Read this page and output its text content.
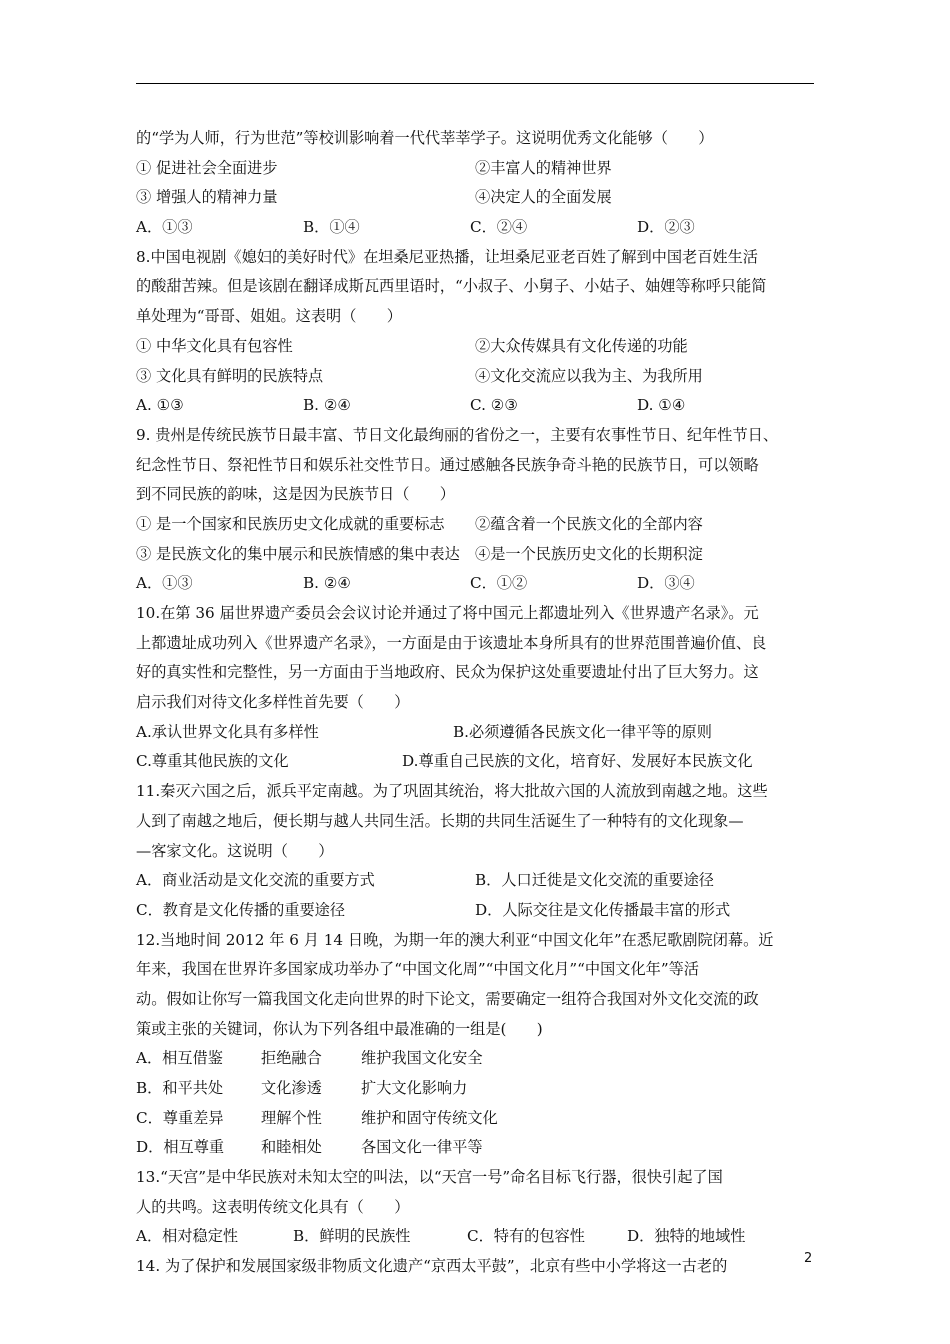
的“学为人师，行为世范”等校训影响着一代代莘莘学子。这说明优秀文化能够（　　）
① 促进社会全面进步	②丰富人的精神世界
③ 增强人的精神力量	④决定人的全面发展
A．①③	B．①④	C．②④	D．②③
8.中国电视剧《媳妇的美好时代》在坦桑尼亚热播，让坦桑尼亚老百姓了解到中国老百姓生活
的酸甜苦辣。但是该剧在翻译成斯瓦西里语时，“小叔子、小舅子、小姑子、妯娌等称呼只能简
单处理为“哥哥、姐姐。这表明（　　）
① 中华文化具有包容性	②大众传媒具有文化传递的功能
③ 文化具有鲜明的民族特点	④文化交流应以我为主、为我所用
A. ①③	B. ②④	C. ②③	D. ①④
9. 贵州是传统民族节日最丰富、节日文化最绚丽的省份之一，主要有农事性节日、纪年性节日、
纪念性节日、祭祀性节日和娱乐社交性节日。通过感触各民族争奇斗艳的民族节日，可以领略
到不同民族的韵味，这是因为民族节日（　　）
① 是一个国家和民族历史文化成就的重要标志	②蕴含着一个民族文化的全部内容
③ 是民族文化的集中展示和民族情感的集中表达	④是一个民族历史文化的长期积淀
A．①③	B. ②④	C．①②	D．③④
10.在第 36 届世界遗产委员会会议讨论并通过了将中国元上都遗址列入《世界遗产名录》。元
上都遗址成功列入《世界遗产名录》，一方面是由于该遗址本身所具有的世界范围普遍价值、良
好的真实性和完整性，另一方面由于当地政府、民众为保护这处重要遗址付出了巨大努力。这
启示我们对待文化多样性首先要（　　）
A.承认世界文化具有多样性	B.必须遵循各民族文化一律平等的原则
C.尊重其他民族的文化	D.尊重自己民族的文化，培育好、发展好本民族文化
11.秦灭六国之后，派兵平定南越。为了巩固其统治，将大批故六国的人流放到南越之地。这些
人到了南越之地后，便长期与越人共同生活。长期的共同生活诞生了一种特有的文化现象—
—客家文化。这说明（　　）
A．商业活动是文化交流的重要方式	B．人口迁徙是文化交流的重要途径
C．教育是文化传播的重要途径	D．人际交往是文化传播最丰富的形式
12.当地时间 2012 年 6 月 14 日晚，为期一年的澳大利亚“中国文化年”在悉尼歌剧院闭幕。近
年来，我国在世界许多国家成功举办了“中国文化周”“中国文化月”“中国文化年”等活
动。假如让你写一篇我国文化走向世界的时下论文，需要确定一组符合我国对外文化交流的政
策或主张的关键词，你认为下列各组中最准确的一组是(　　)
A．相互借鉴	拒绝融合	维护我国文化安全
B．和平共处	文化渗透	扩大文化影响力
C．尊重差异	理解个性	维护和固守传统文化
D．相互尊重	和睦相处	各国文化一律平等
13.“天宫”是中华民族对未知太空的叫法，以“天宫一号”命名目标飞行器，很快引起了国
人的共鸣。这表明传统文化具有（　　）
A．相对稳定性	B．鲜明的民族性	C．特有的包容性	D．独特的地域性
14. 为了保护和发展国家级非物质文化遗产“京西太平鼓”，北京有些中小学将这一古老的	2
